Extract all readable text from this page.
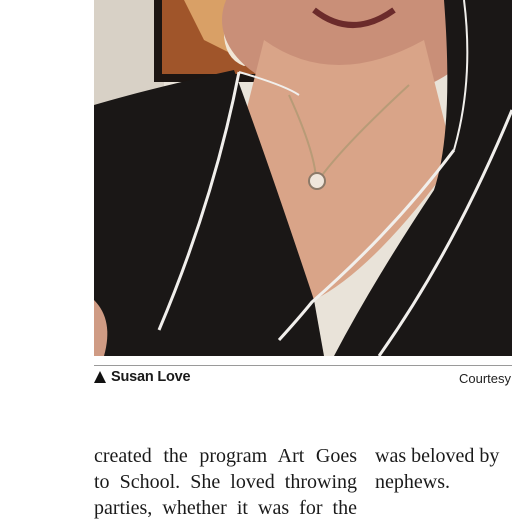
Susan Love	Courtesy
created the program Art Goes
to School. She loved throwing
parties, whether it was for the
was beloved by
nephews.
